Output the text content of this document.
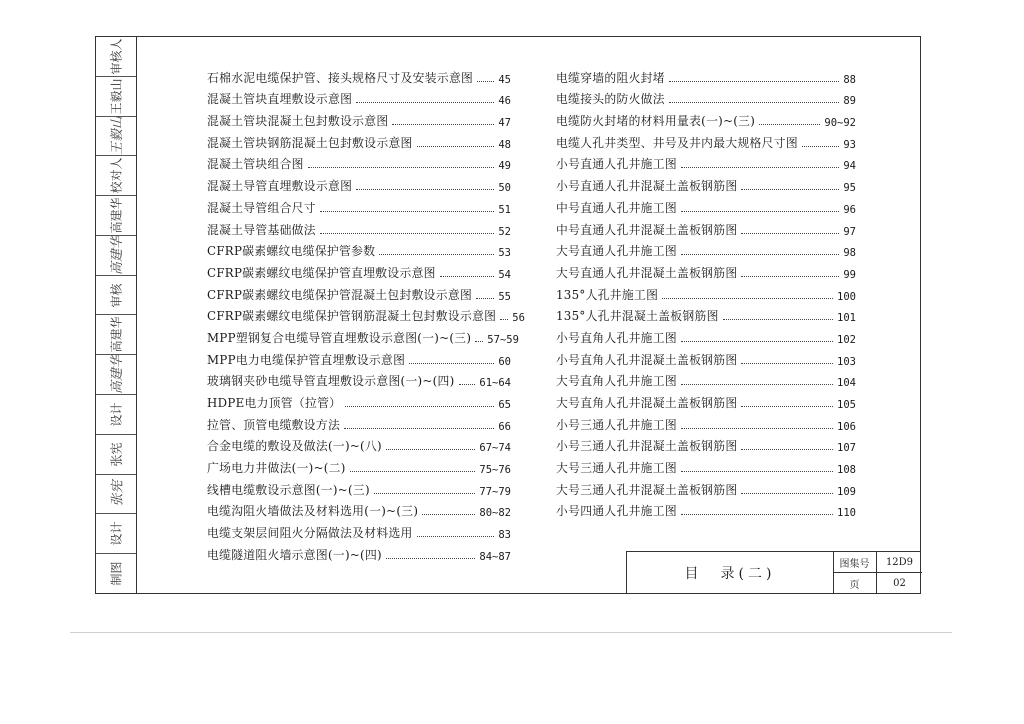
审核人
王毅山
王毅山
校对人
高建华
高建华
审核
高建华
高建华
设计
张宪
张宪
设计
制图
石棉水泥电缆保护管、接头规格尺寸及安装示意图 45
混凝土管块直埋敷设示意图	46
混凝土管块混凝土包封敷设示意图	47
混凝土管块钢筋混凝土包封敷设示意图	48
混凝土管块组合图	49
混凝土导管直埋敷设示意图	50
混凝土导管组合尺寸	51
混凝土导管基础做法	52
CFRP碳素螺纹电缆保护管参数	53
CFRP碳素螺纹电缆保护管直埋敷设示意图	54
CFRP碳素螺纹电缆保护管混凝土包封敷设示意图	55
CFRP碳素螺纹电缆保护管钢筋混凝土包封敷设示意图 56
MPP塑钢复合电缆导管直埋敷设示意图(一)~(三) 57~59
MPP电力电缆保护管直埋敷设示意图	60
玻璃钢夹砂电缆导管直埋敷设示意图(一)~(四) 61~64
HDPE电力顶管（拉管）	65
拉管、顶管电缆敷设方法	66
合金电缆的敷设及做法(一)~(八)	67~74
广场电力井做法(一)~(二)	75~76
线槽电缆敷设示意图(一)~(三)	77~79
电缆沟阻火墙做法及材料选用(一)~(三)	80~82
电缆支架层间阻火分隔做法及材料选用	83
电缆隧道阻火墙示意图(一)~(四)	84~87
电缆穿墙的阻火封堵	88
电缆接头的防火做法	89
电缆防火封堵的材料用量表(一)~(三)	90~92
电缆人孔井类型、井号及井内最大规格尺寸图	93
小号直通人孔井施工图	94
小号直通人孔井混凝土盖板钢筋图	95
中号直通人孔井施工图	96
中号直通人孔井混凝土盖板钢筋图	97
大号直通人孔井施工图	98
大号直通人孔井混凝土盖板钢筋图	99
135°人孔井施工图	100
135°人孔井混凝土盖板钢筋图	101
小号直角人孔井施工图	102
小号直角人孔井混凝土盖板钢筋图	103
大号直角人孔井施工图	104
大号直角人孔井混凝土盖板钢筋图	105
小号三通人孔井施工图	106
小号三通人孔井混凝土盖板钢筋图	107
大号三通人孔井施工图	108
大号三通人孔井混凝土盖板钢筋图	109
小号四通人孔井施工图	110
目　录(二)
图集号	12D9
页	02
